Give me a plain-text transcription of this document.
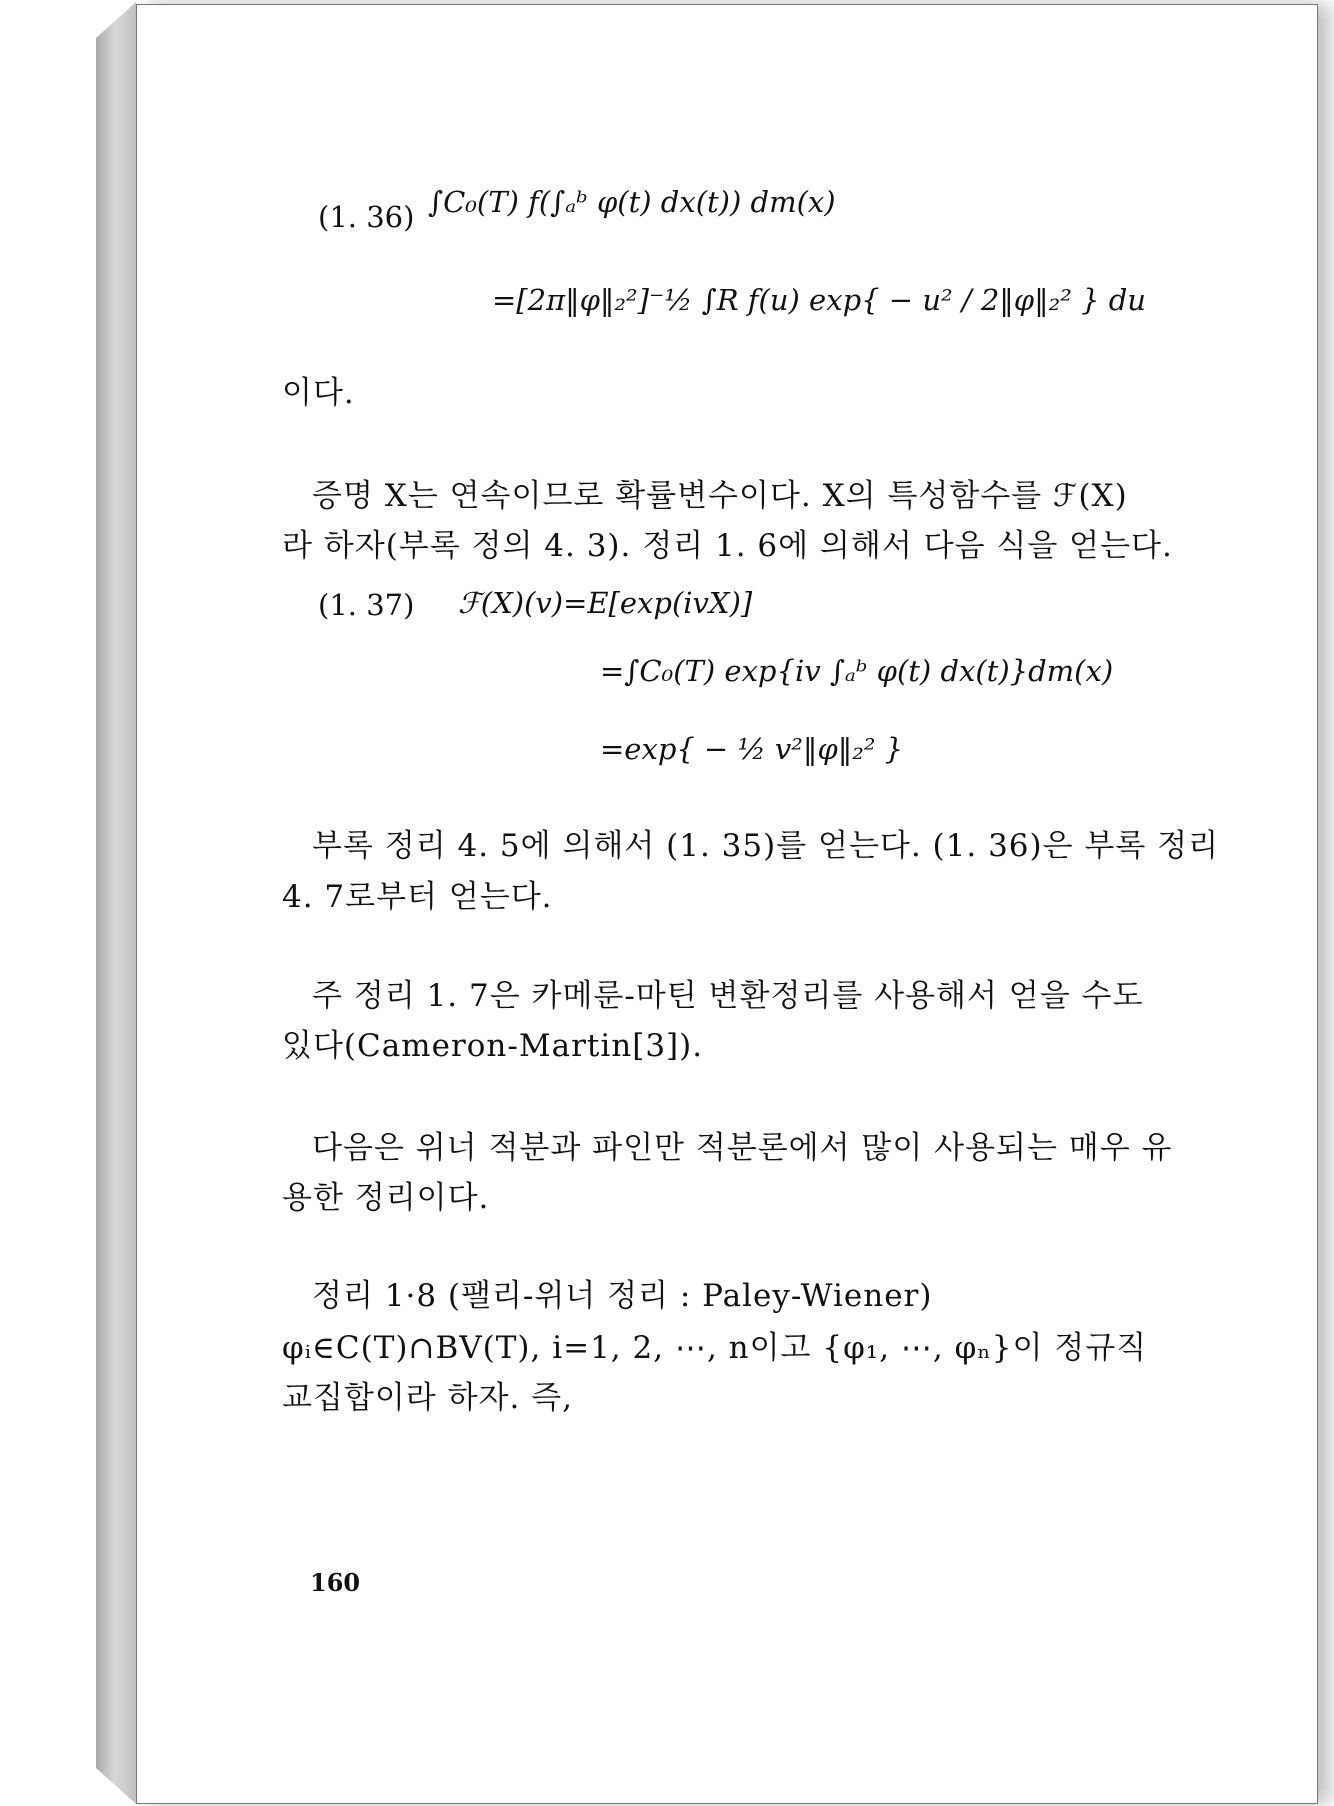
(1. 36) ∫C₀(T) f(∫ₐᵇ φ(t) dx(t)) dm(x)
=[2π‖φ‖₂²]⁻½ ∫R f(u) exp{ − u² / 2‖φ‖₂² } du
이다.
증명 X는 연속이므로 확률변수이다. X의 특성함수를 ℱ(X)
라 하자(부록 정의 4. 3). 정리 1. 6에 의해서 다음 식을 얻는다.
(1. 37) ℱ(X)(v)=E[exp(ivX)]
=∫C₀(T) exp{iv ∫ₐᵇ φ(t) dx(t)}dm(x)
=exp{ − ½ v²‖φ‖₂² }
부록 정리 4. 5에 의해서 (1. 35)를 얻는다. (1. 36)은 부록 정리
4. 7로부터 얻는다.
주 정리 1. 7은 카메룬-마틴 변환정리를 사용해서 얻을 수도
있다(Cameron-Martin[3]).
다음은 위너 적분과 파인만 적분론에서 많이 사용되는 매우 유
용한 정리이다.
정리 1·8 (팰리-위너 정리 : Paley-Wiener)
φᵢ∈C(T)∩BV(T), i=1, 2, ⋯, n이고 {φ₁, ⋯, φₙ}이 정규직
교집합이라 하자. 즉,
160
